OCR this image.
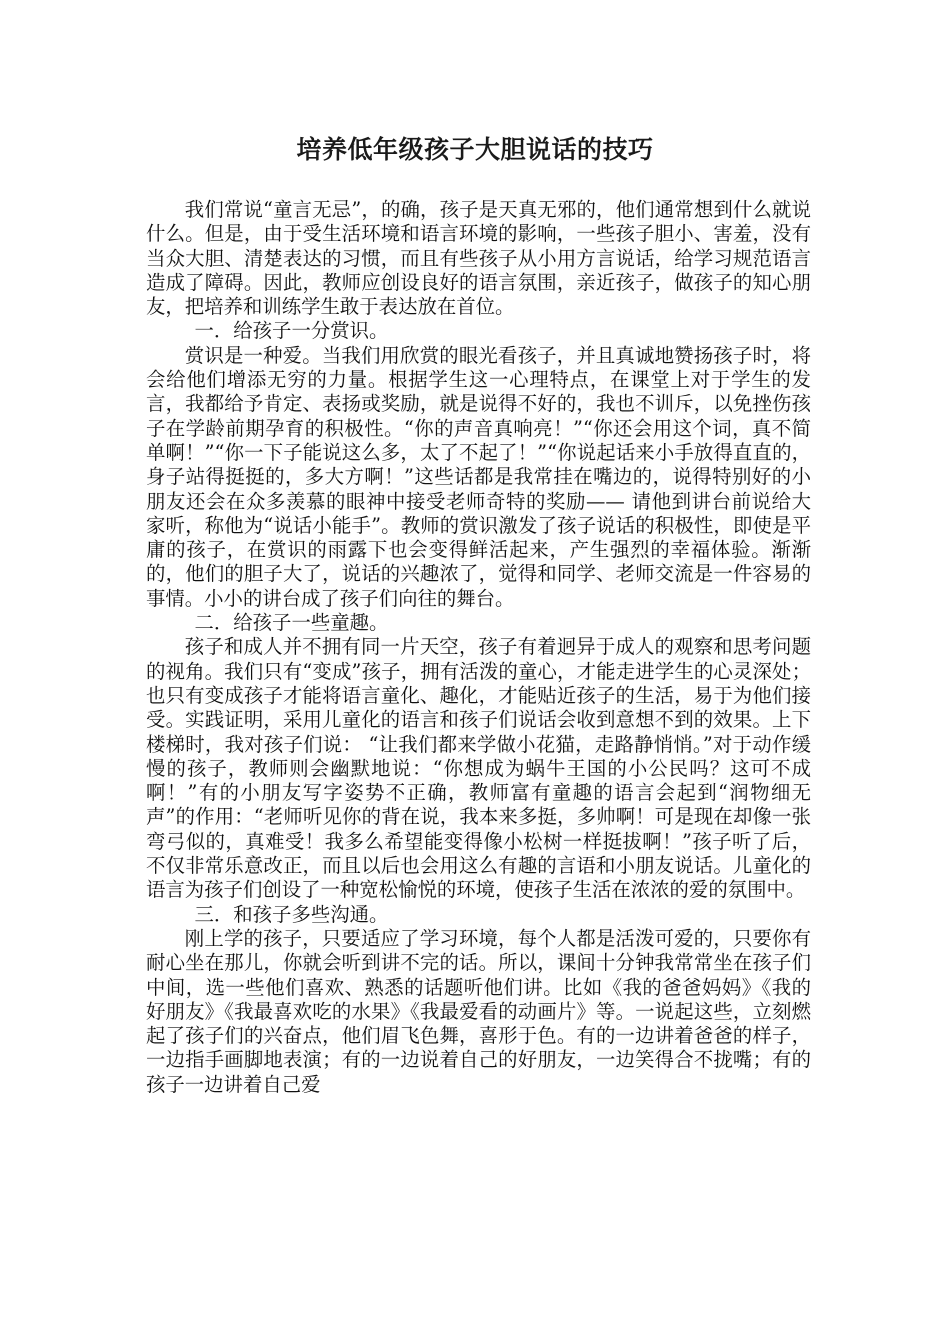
培养低年级孩子大胆说话的技巧

我们常说“童言无忌”，的确，孩子是天真无邪的，他们通常想到什么就说什么。但是，由于受生活环境和语言环境的影响，一些孩子胆小、害羞，没有当众大胆、清楚表达的习惯，而且有些孩子从小用方言说话，给学习规范语言造成了障碍。因此，教师应创设良好的语言氛围，亲近孩子，做孩子的知心朋友，把培养和训练学生敢于表达放在首位。

一．给孩子一分赏识。

赏识是一种爱。当我们用欣赏的眼光看孩子，并且真诚地赞扬孩子时，将会给他们增添无穷的力量。根据学生这一心理特点，在课堂上对于学生的发言，我都给予肯定、表扬或奖励，就是说得不好的，我也不训斥，以免挫伤孩子在学龄前期孕育的积极性。“你的声音真响亮！”“你还会用这个词，真不简单啊！”“你一下子能说这么多，太了不起了！”“你说起话来小手放得直直的，身子站得挺挺的，多大方啊！”这些话都是我常挂在嘴边的，说得特别好的小朋友还会在众多羡慕的眼神中接受老师奇特的奖励—— 请他到讲台前说给大家听，称他为“说话小能手”。教师的赏识激发了孩子说话的积极性，即使是平庸的孩子，在赏识的雨露下也会变得鲜活起来，产生强烈的幸福体验。渐渐的，他们的胆子大了，说话的兴趣浓了，觉得和同学、老师交流是一件容易的事情。小小的讲台成了孩子们向往的舞台。

二．给孩子一些童趣。

孩子和成人并不拥有同一片天空，孩子有着迥异于成人的观察和思考问题的视角。我们只有“变成”孩子，拥有活泼的童心，才能走进学生的心灵深处；也只有变成孩子才能将语言童化、趣化，才能贴近孩子的生活，易于为他们接受。实践证明，采用儿童化的语言和孩子们说话会收到意想不到的效果。上下楼梯时，我对孩子们说： “让我们都来学做小花猫，走路静悄悄。”对于动作缓慢的孩子，教师则会幽默地说：“你想成为蜗牛王国的小公民吗？这可不成啊！”有的小朋友写字姿势不正确，教师富有童趣的语言会起到“润物细无声”的作用：“老师听见你的背在说，我本来多挺，多帅啊！可是现在却像一张弯弓似的，真难受！我多么希望能变得像小松树一样挺拔啊！”孩子听了后，不仅非常乐意改正，而且以后也会用这么有趣的言语和小朋友说话。儿童化的语言为孩子们创设了一种宽松愉悦的环境，使孩子生活在浓浓的爱的氛围中。

三．和孩子多些沟通。

刚上学的孩子，只要适应了学习环境，每个人都是活泼可爱的，只要你有耐心坐在那儿，你就会听到讲不完的话。所以，课间十分钟我常常坐在孩子们中间，选一些他们喜欢、熟悉的话题听他们讲。比如《我的爸爸妈妈》《我的好朋友》《我最喜欢吃的水果》《我最爱看的动画片》等。一说起这些，立刻燃起了孩子们的兴奋点，他们眉飞色舞，喜形于色。有的一边讲着爸爸的样子，一边指手画脚地表演；有的一边说着自己的好朋友，一边笑得合不拢嘴；有的孩子一边讲着自己爱
